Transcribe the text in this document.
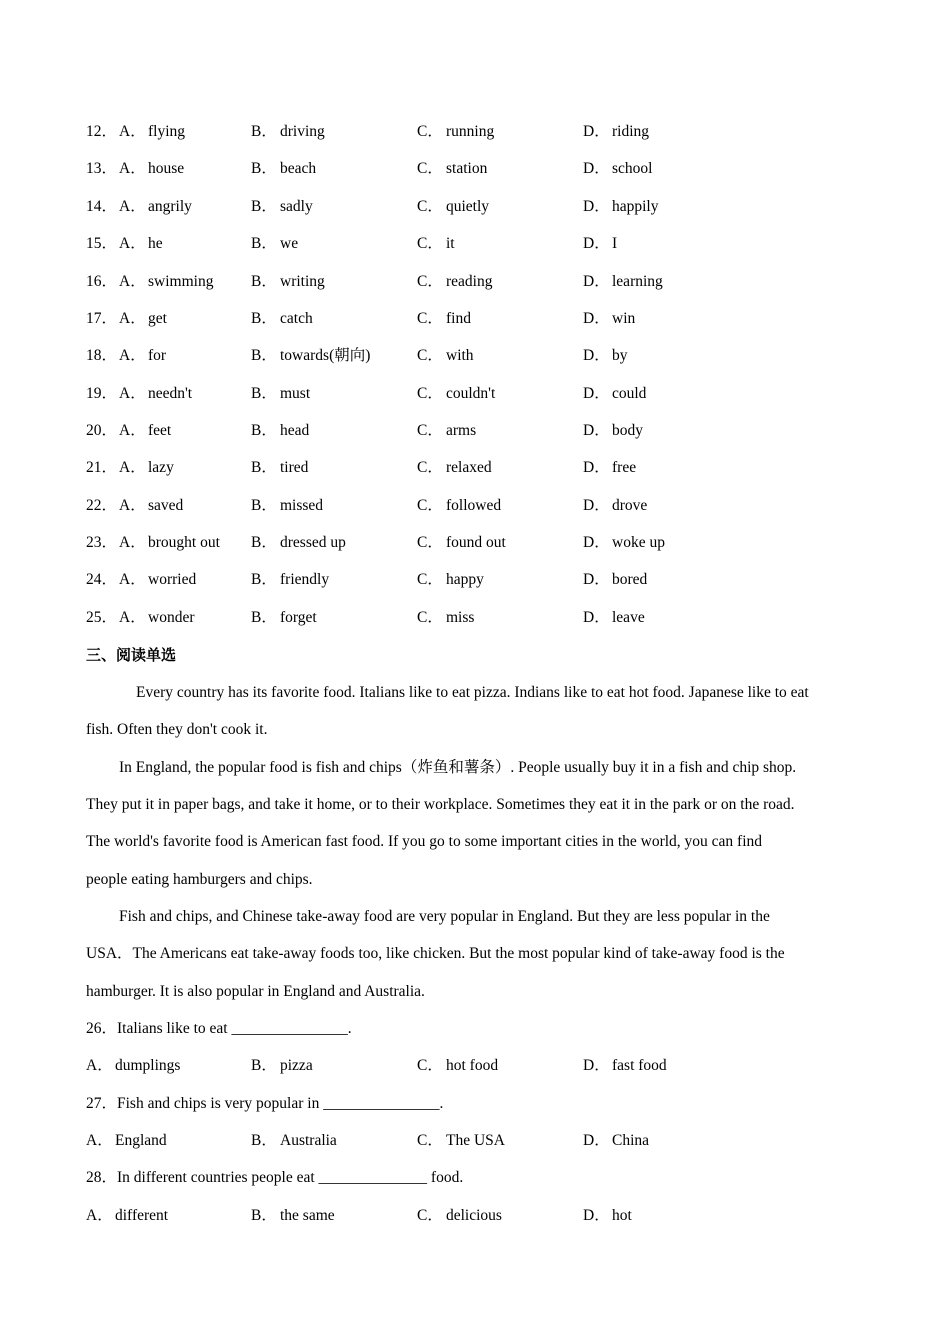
12． A． flying	B． driving	C． running	D． riding
13． A． house	B． beach	C． station	D． school
14． A． angrily	B． sadly	C． quietly	D． happily
15． A． he	B． we	C． it	D． I
16． A． swimming B． writing	C． reading	D． learning
17． A． get	B． catch	C． find	D． win
18． A． for	B． towards(朝向)	C． with	D． by
19． A． needn't	B． must	C． couldn't	D． could
20． A． feet	B． head	C． arms	D． body
21． A． lazy	B． tired	C． relaxed	D． free
22． A． saved	B． missed	C． followed	D． drove
23． A． brought out B． dressed up	C． found out	D． woke up
24． A． worried	B． friendly	C． happy	D． bored
25． A． wonder	B． forget	C． miss	D． leave
三、阅读单选
Every country has its favorite food. Italians like to eat pizza. Indians like to eat hot food. Japanese like to eat
fish. Often they don't cook it.
In England, the popular food is fish and chips（炸鱼和薯条）. People usually buy it in a fish and chip shop.
They put it in paper bags, and take it home, or to their workplace. Sometimes they eat it in the park or on the road.
The world's favorite food is American fast food. If you go to some important cities in the world, you can find
people eating hamburgers and chips.
Fish and chips, and Chinese take-away food are very popular in England. But they are less popular in the
USA．The Americans eat take-away foods too, like chicken. But the most popular kind of take-away food is the
hamburger. It is also popular in England and Australia.
26．Italians like to eat _______________.
A． dumplings	B． pizza	C． hot food	D． fast food
27．Fish and chips is very popular in _______________.
A． England	B． Australia	C． The USA	D． China
28．In different countries people eat ______________ food.
A． different	B． the same	C． delicious	D． hot
